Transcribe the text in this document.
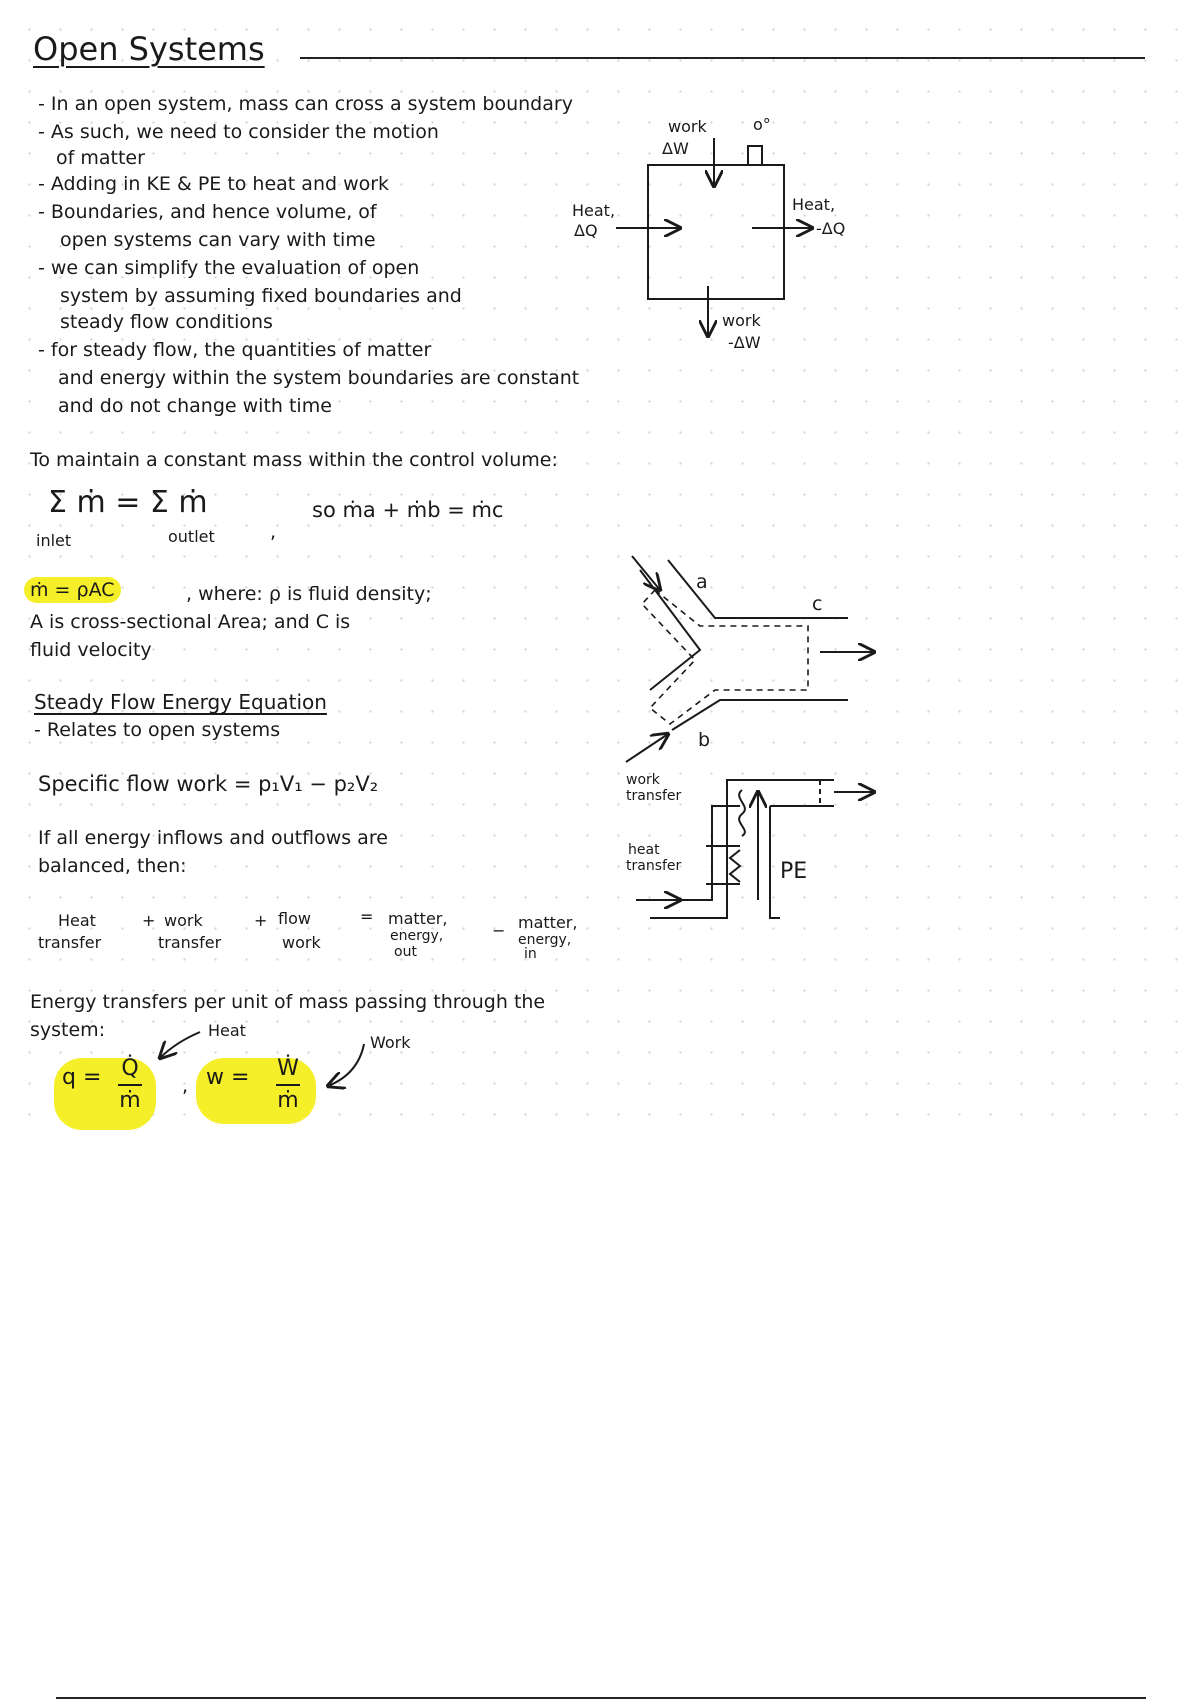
Open Systems
- In an open system, mass can cross a system boundary
- As such, we need to consider the motion
of matter
- Adding in KE & PE to heat and work
- Boundaries, and hence volume, of
open systems can vary with time
- we can simplify the evaluation of open
system by assuming fixed boundaries and
steady flow conditions
- for steady flow, the quantities of matter
and energy within the system boundaries are constant
and do not change with time
work
ΔW
o°
Heat,
ΔQ
Heat,
-ΔQ
work
-ΔW
To maintain a constant mass within the control volume:
Σ ṁ = Σ ṁ
inlet	outlet	,
so ṁa + ṁb = ṁc
ṁ = ρAC	, where: ρ is fluid density;
A is cross-sectional Area; and C is
fluid velocity
a
c
b
Steady Flow Energy Equation
- Relates to open systems
Specific flow work = p₁V₁ − p₂V₂
If all energy inflows and outflows are
balanced, then:
Heat
transfer
+ work
transfer
+ flow
work
= matter,
energy,
out
− matter,
energy,
in
work
transfer
heat
transfer	PE
Energy transfers per unit of mass passing through the
system:	Heat
Work
q = Q̇
ṁ
, w = Ẇ
ṁ
